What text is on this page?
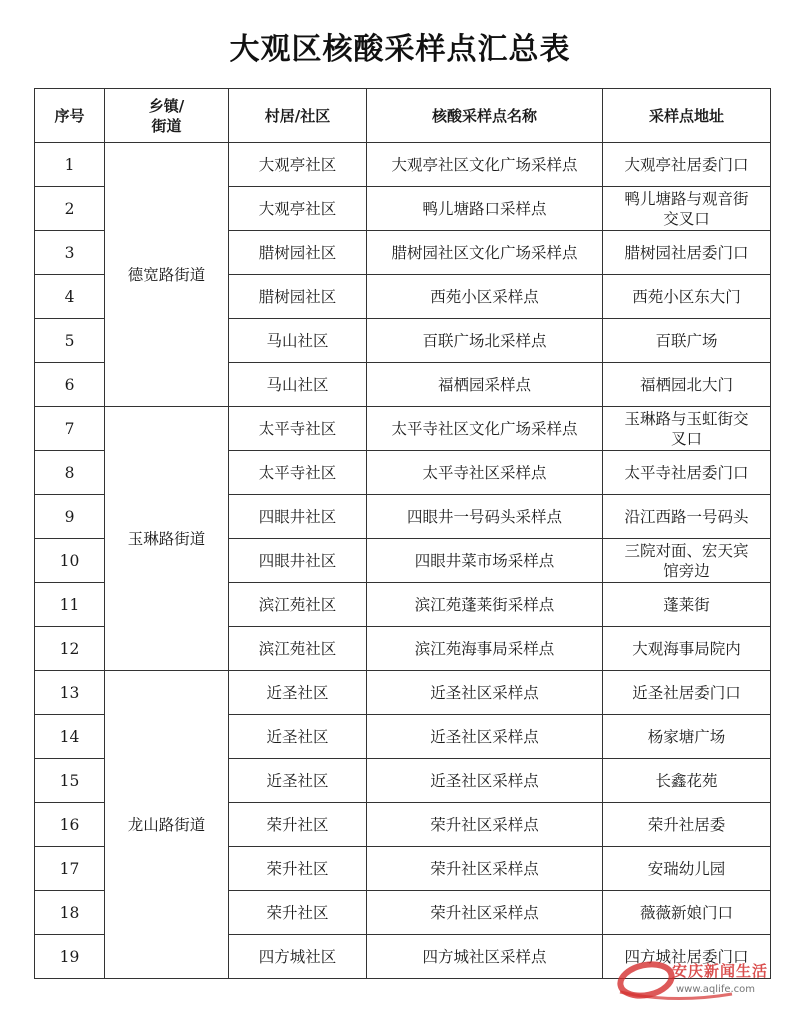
大观区核酸采样点汇总表
序号	乡镇/
街道	村居/社区	核酸采样点名称	采样点地址
1	德宽路街道	大观亭社区	大观亭社区文化广场采样点	大观亭社居委门口
2		大观亭社区	鸭儿塘路口采样点	鸭儿塘路与观音街
交叉口
3		腊树园社区	腊树园社区文化广场采样点	腊树园社居委门口
4		腊树园社区	西苑小区采样点	西苑小区东大门
5		马山社区	百联广场北采样点	百联广场
6		马山社区	福栖园采样点	福栖园北大门
7	玉琳路街道	太平寺社区	太平寺社区文化广场采样点	玉琳路与玉虹街交
叉口
8		太平寺社区	太平寺社区采样点	太平寺社居委门口
9		四眼井社区	四眼井一号码头采样点	沿江西路一号码头
10		四眼井社区	四眼井菜市场采样点	三院对面、宏天宾
馆旁边
11		滨江苑社区	滨江苑蓬莱街采样点	蓬莱街
12		滨江苑社区	滨江苑海事局采样点	大观海事局院内
13	龙山路街道	近圣社区	近圣社区采样点	近圣社居委门口
14		近圣社区	近圣社区采样点	杨家塘广场
15		近圣社区	近圣社区采样点	长鑫花苑
16		荣升社区	荣升社区采样点	荣升社居委
17		荣升社区	荣升社区采样点	安瑞幼儿园
18		荣升社区	荣升社区采样点	薇薇新娘门口
19		四方城社区	四方城社区采样点	四方城社居委门口
安庆新闻生活
www.aqlife.com
